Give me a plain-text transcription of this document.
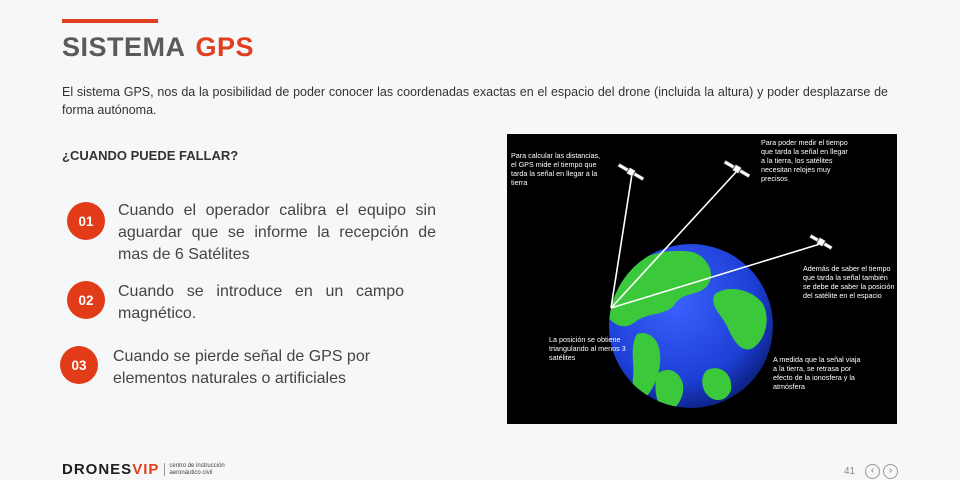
SISTEMA GPS
El sistema GPS, nos da la posibilidad de poder conocer las coordenadas exactas en el espacio del drone (incluida la altura) y poder desplazarse de forma autónoma.
¿CUANDO PUEDE FALLAR?
01
Cuando el operador calibra el equipo sin aguardar que se informe la recepción de mas de 6 Satélites
02	Cuando se introduce en un campo magnético.
03	Cuando se pierde señal de GPS por elementos naturales o artificiales
Para calcular las distancias, el GPS mide el tiempo que tarda la señal en llegar a la tierra
Para poder medir el tiempo que tarda la señal en llegar a la tierra, los satélites necesitan relojes muy precisos
Además de saber el tiempo que tarda la señal también se debe de saber la posición del satélite en el espacio
La posición se obtiene triangulando al menos 3 satélites	A medida que la señal viaja a la tierra, se retrasa por efecto de la ionosfera y la atmósfera
DRONESVIP	centro de instrucción aeronáutico civil	41	‹	›
